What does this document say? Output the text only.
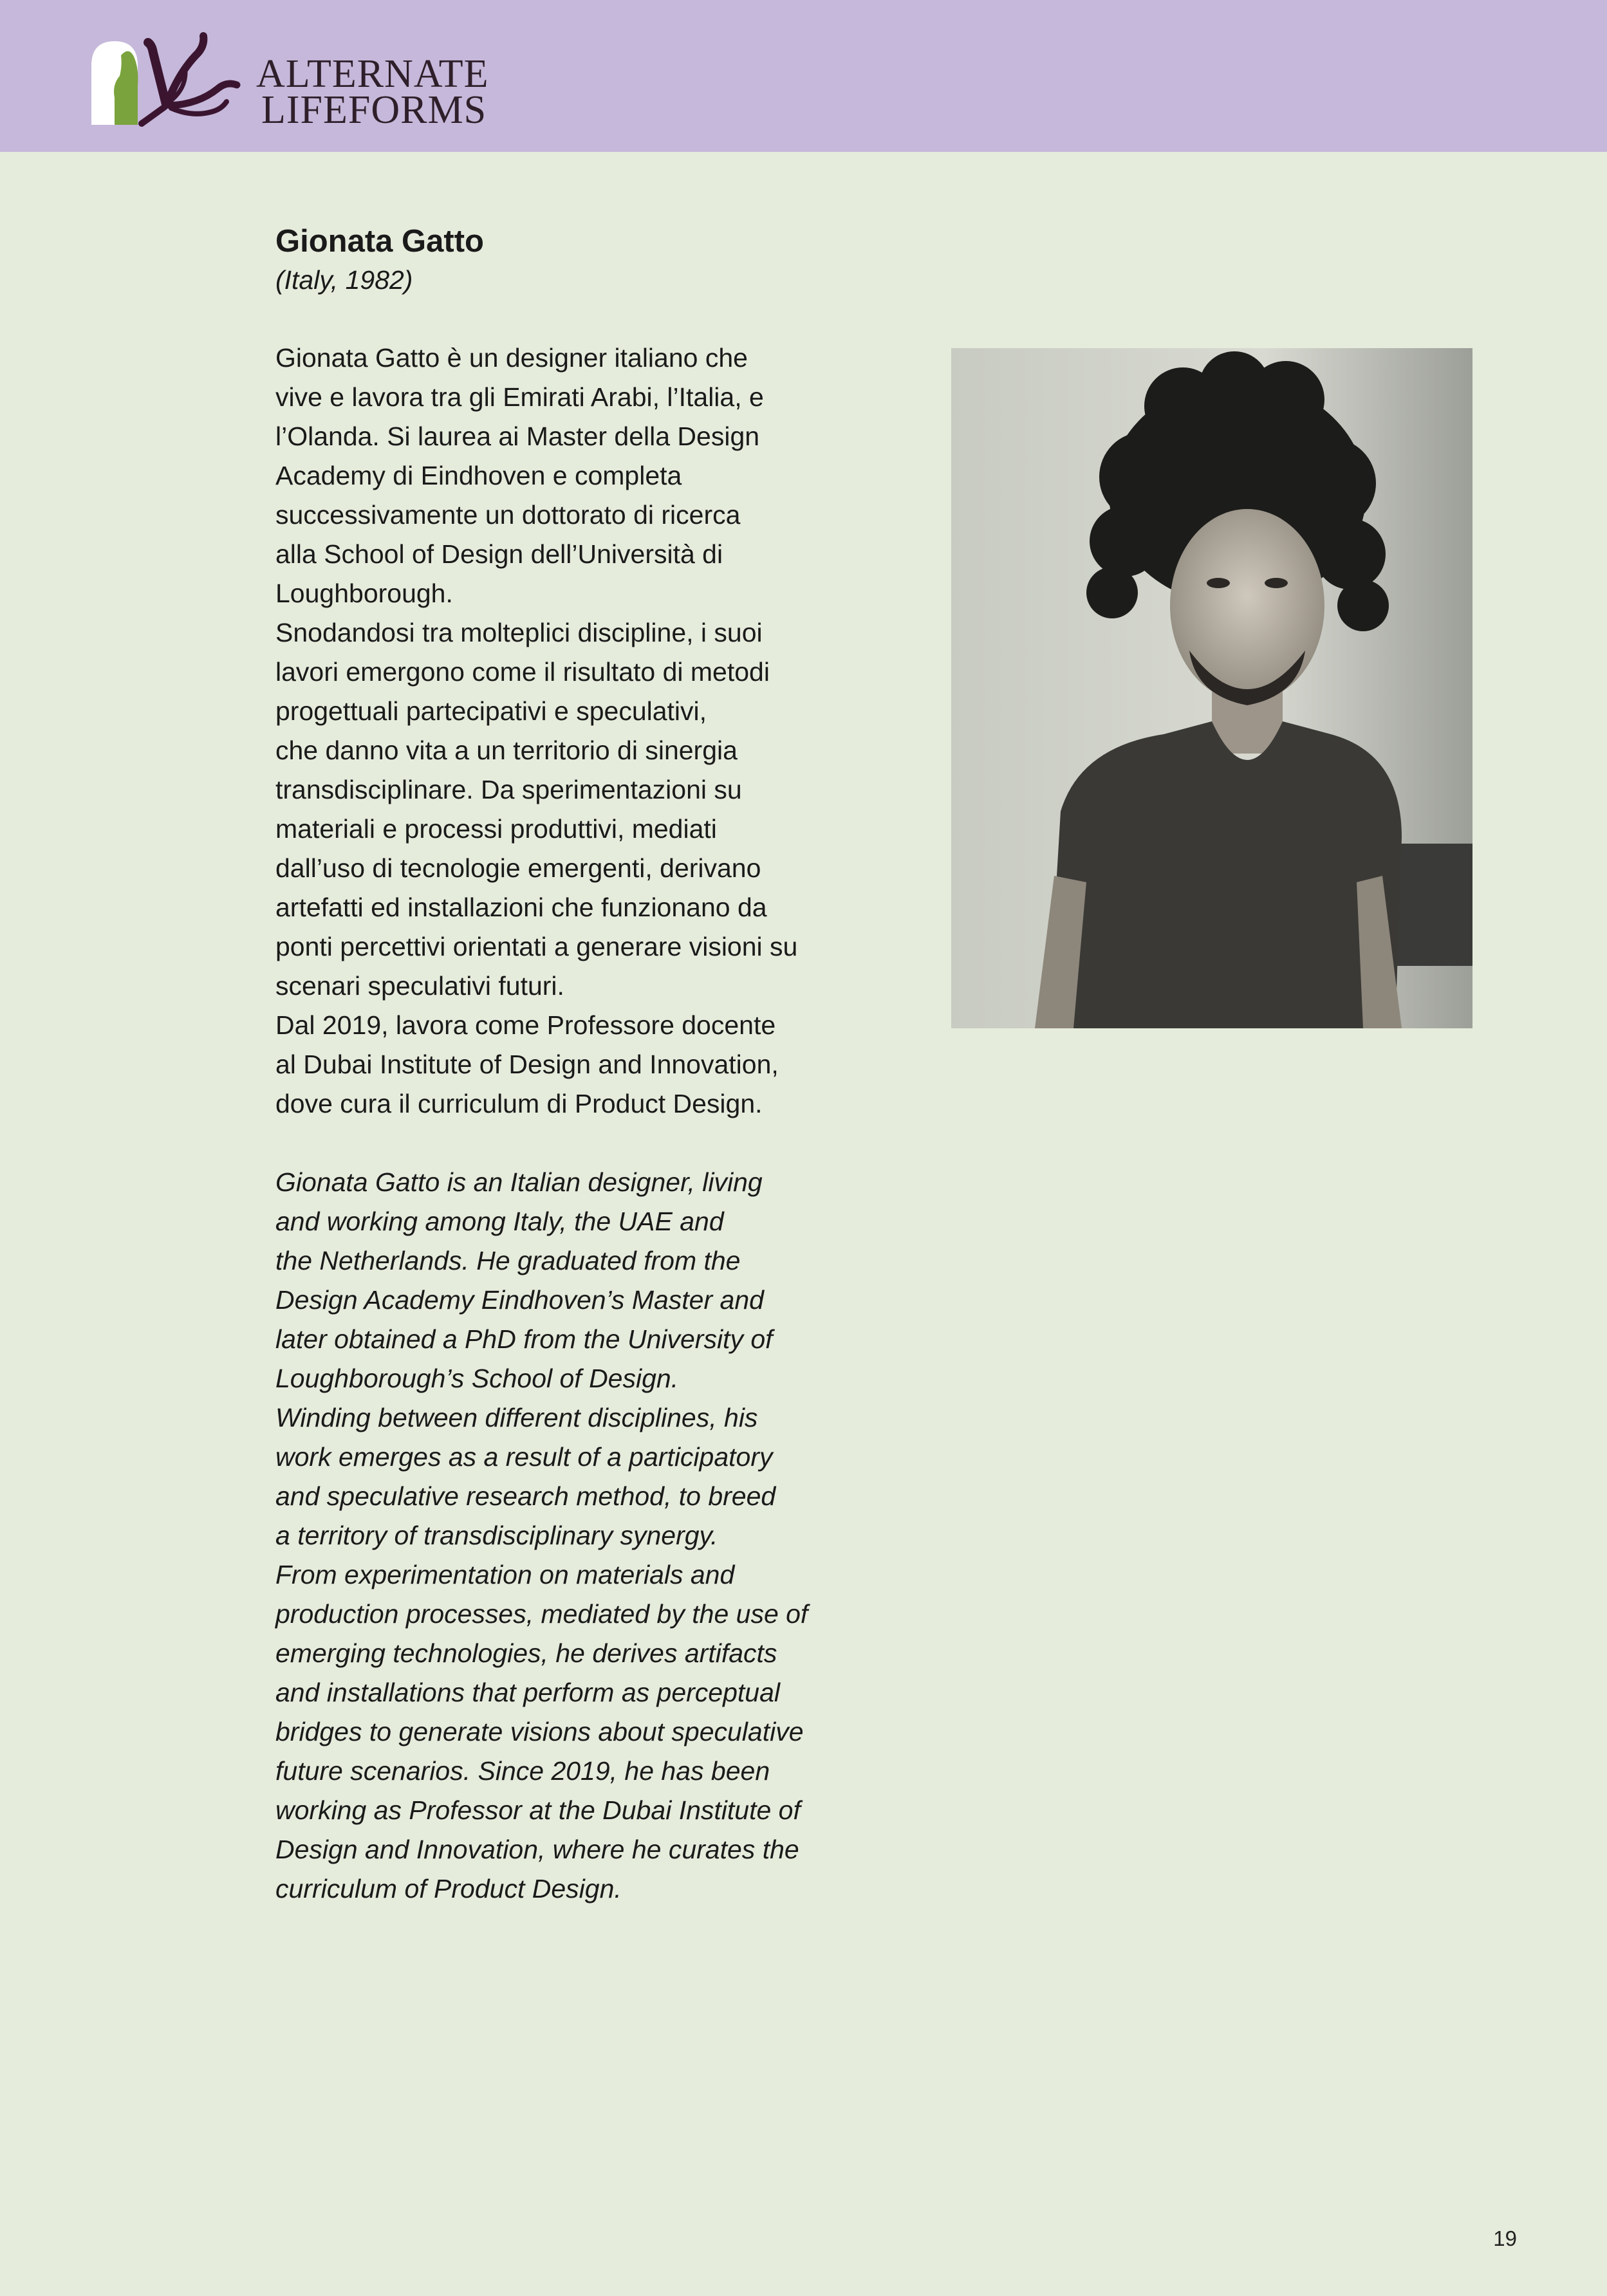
ALTERNATE
LIFEFORMS

Gionata Gatto

(Italy, 1982)

Gionata Gatto è un designer italiano che
vive e lavora tra gli Emirati Arabi, l’Italia, e
l’Olanda. Si laurea ai Master della Design
Academy di Eindhoven e completa
successivamente un dottorato di ricerca
alla School of Design dell’Università di
Loughborough.
Snodandosi tra molteplici discipline, i suoi
lavori emergono come il risultato di metodi
progettuali partecipativi e speculativi,
che danno vita a un territorio di sinergia
transdisciplinare. Da sperimentazioni su
materiali e processi produttivi, mediati
dall’uso di tecnologie emergenti, derivano
artefatti ed installazioni che funzionano da
ponti percettivi orientati a generare visioni su
scenari speculativi futuri.
Dal 2019, lavora come Professore docente
al Dubai Institute of Design and Innovation,
dove cura il curriculum di Product Design.

Gionata Gatto is an Italian designer, living
and working among Italy, the UAE and
the Netherlands. He graduated from the
Design Academy Eindhoven’s Master and
later obtained a PhD from the University of
Loughborough’s School of Design.
Winding between different disciplines, his
work emerges as a result of a participatory
and speculative research method, to breed
a territory of transdisciplinary synergy.
From experimentation on materials and
production processes, mediated by the use of
emerging technologies, he derives artifacts
and installations that perform as perceptual
bridges to generate visions about speculative
future scenarios. Since 2019, he has been
working as Professor at the Dubai Institute of
Design and Innovation, where he curates the
curriculum of Product Design.

19
